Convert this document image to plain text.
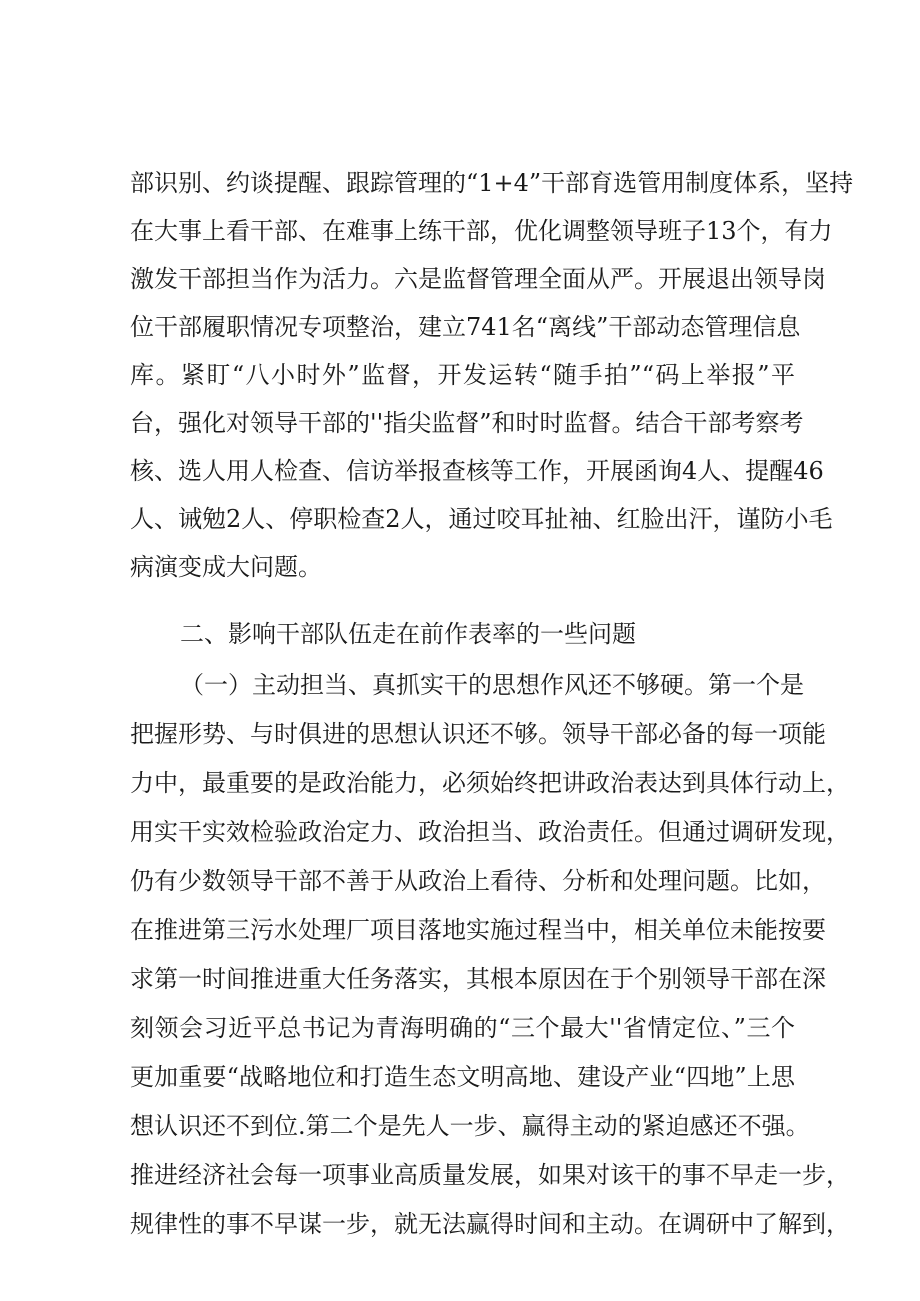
部识别、约谈提醒、跟踪管理的“1+4”干部育选管用制度体系，坚持
在大事上看干部、在难事上练干部，优化调整领导班子13个，有力
激发干部担当作为活力。六是监督管理全面从严。开展退出领导岗
位干部履职情况专项整治，建立741名“离线”干部动态管理信息
库。紧盯“八小时外”监督，开发运转“随手拍”“码上举报”平
台，强化对领导干部的''指尖监督”和时时监督。结合干部考察考
核、选人用人检查、信访举报查核等工作，开展函询4人、提醒46
人、诫勉2人、停职检查2人，通过咬耳扯袖、红脸出汗，谨防小毛
病演变成大问题。
二、影响干部队伍走在前作表率的一些问题
（一）主动担当、真抓实干的思想作风还不够硬。第一个是
把握形势、与时俱进的思想认识还不够。领导干部必备的每一项能
力中，最重要的是政治能力，必须始终把讲政治表达到具体行动上，
用实干实效检验政治定力、政治担当、政治责任。但通过调研发现，
仍有少数领导干部不善于从政治上看待、分析和处理问题。比如，
在推进第三污水处理厂项目落地实施过程当中，相关单位未能按要
求第一时间推进重大任务落实，其根本原因在于个别领导干部在深
刻领会习近平总书记为青海明确的“三个最大''省情定位、”三个
更加重要“战略地位和打造生态文明高地、建设产业“四地”上思
想认识还不到位.第二个是先人一步、赢得主动的紧迫感还不强。
推进经济社会每一项事业高质量发展，如果对该干的事不早走一步，
规律性的事不早谋一步，就无法赢得时间和主动。在调研中了解到，
